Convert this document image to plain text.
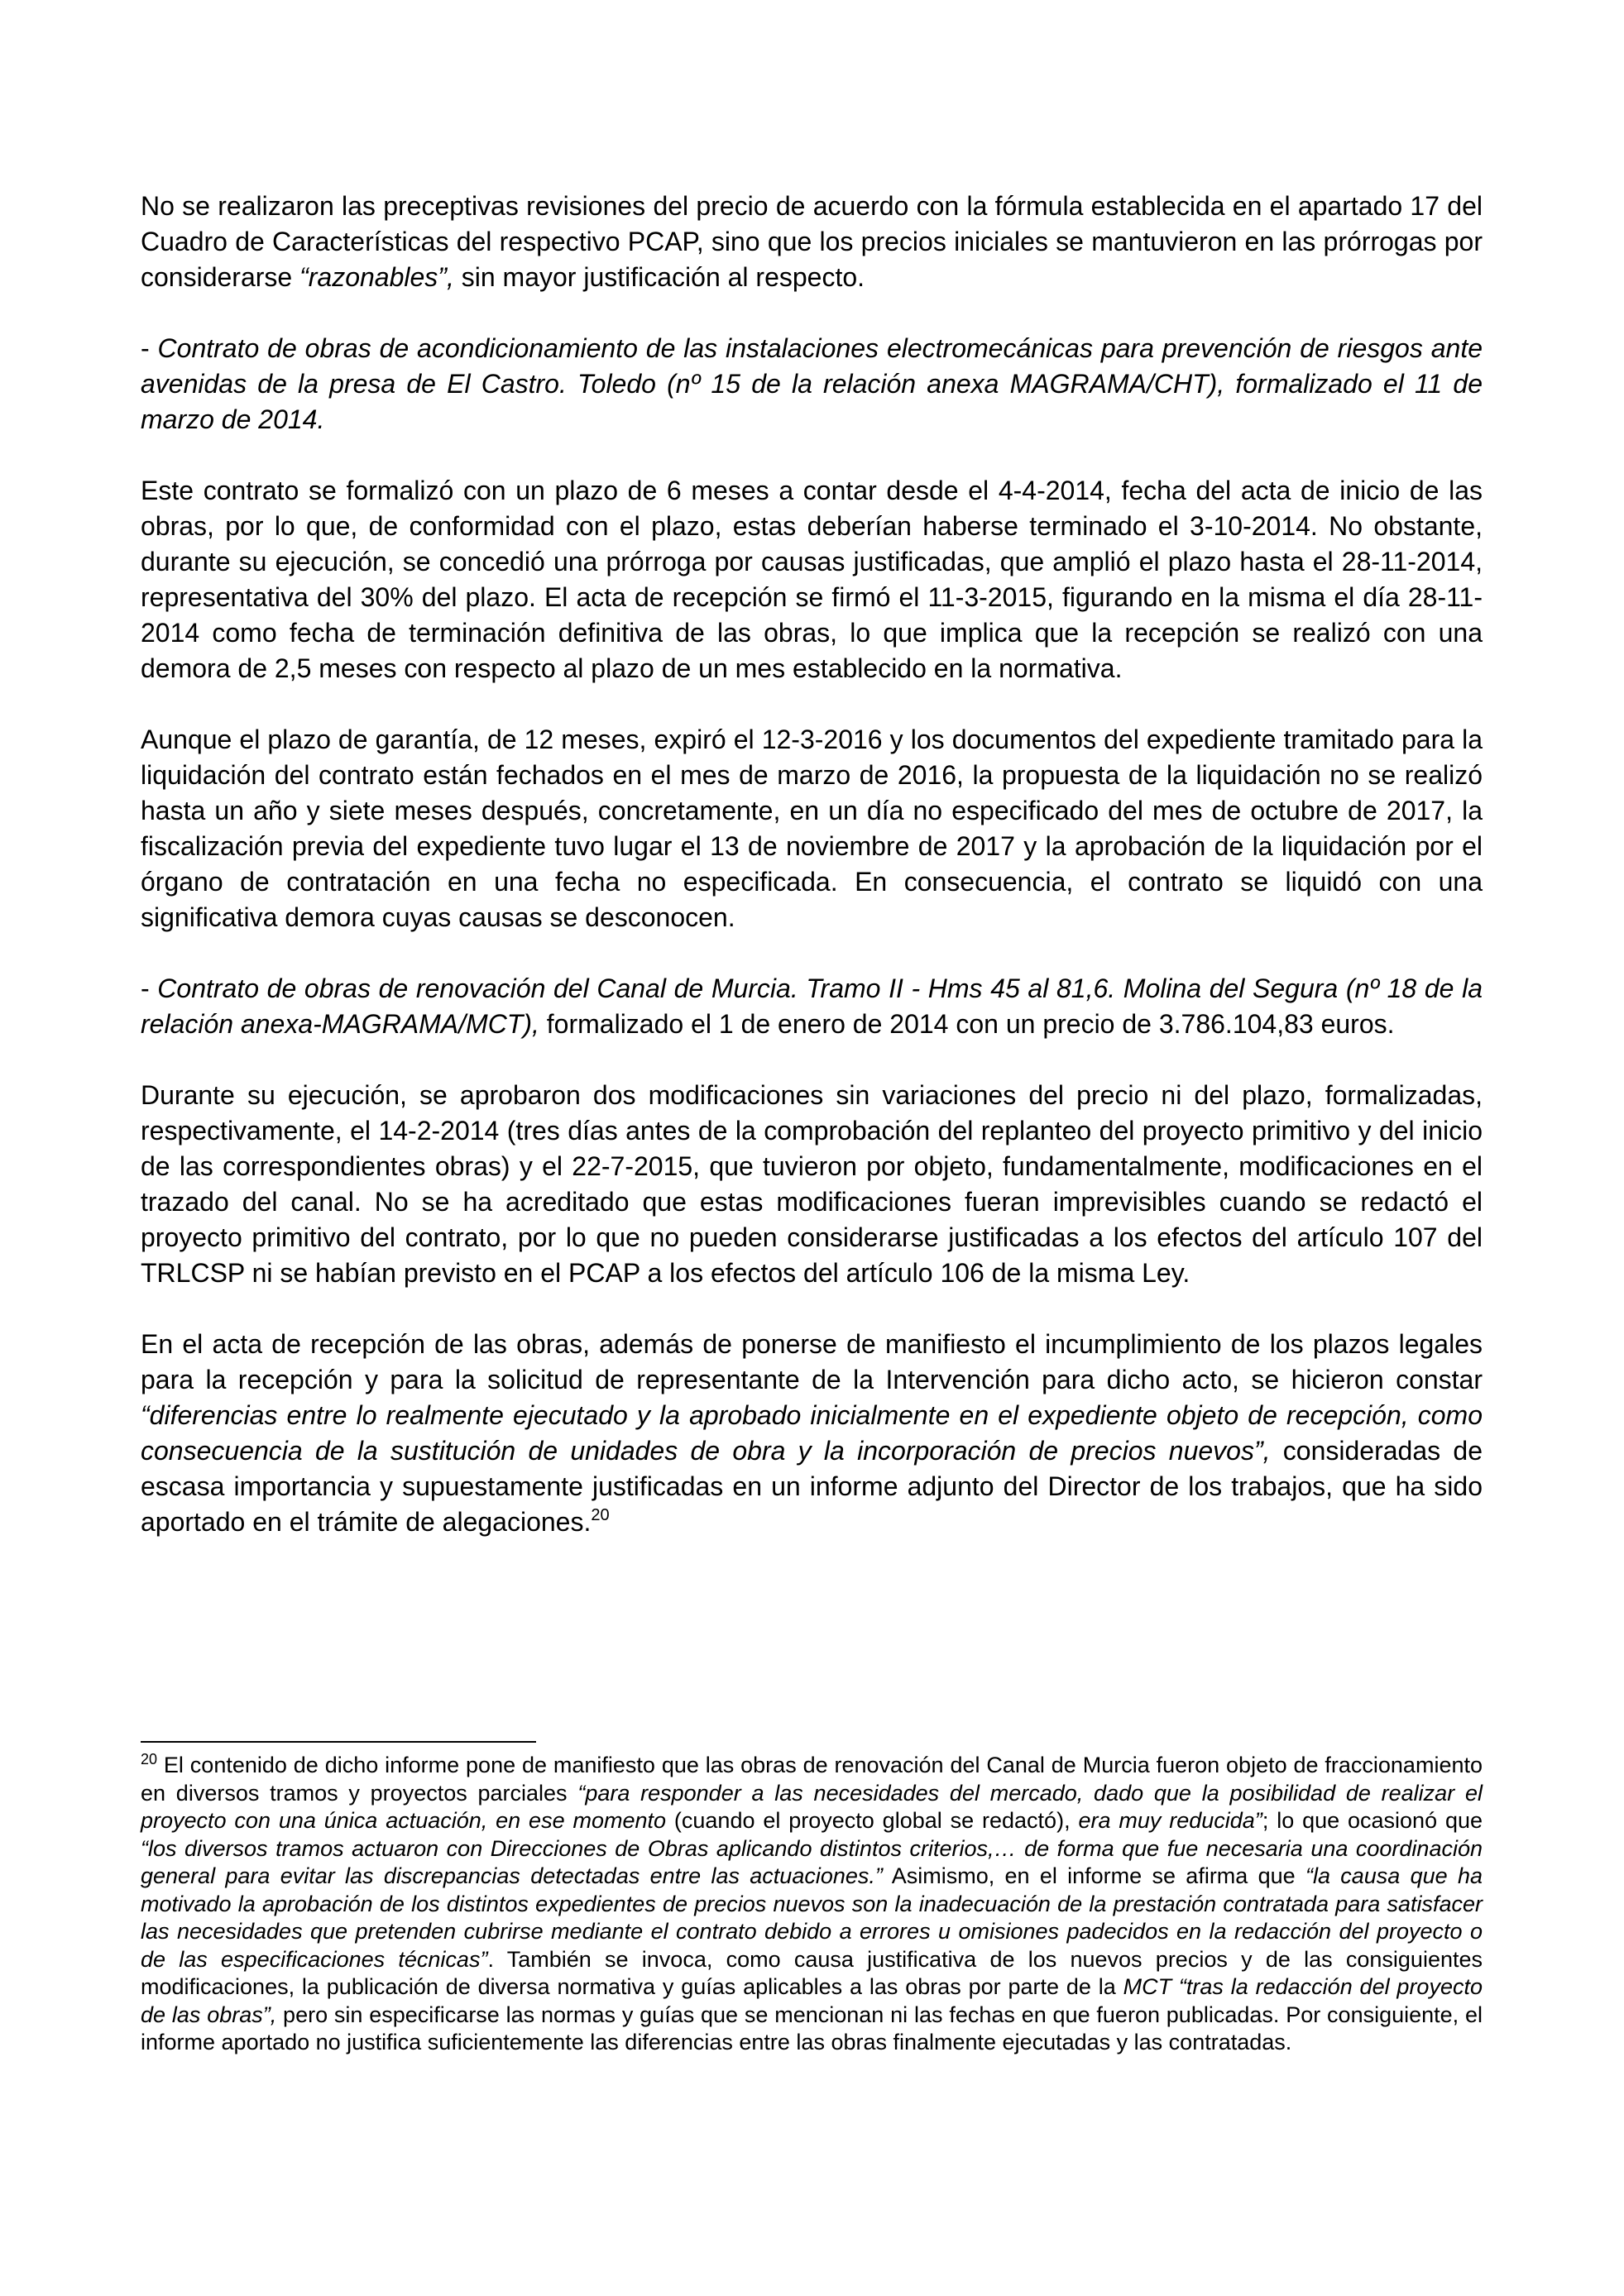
No se realizaron las preceptivas revisiones del precio de acuerdo con la fórmula establecida en el apartado 17 del Cuadro de Características del respectivo PCAP, sino que los precios iniciales se mantuvieron en las prórrogas por considerarse “razonables”, sin mayor justificación al respecto.

- Contrato de obras de acondicionamiento de las instalaciones electromecánicas para prevención de riesgos ante avenidas de la presa de El Castro. Toledo (nº 15 de la relación anexa MAGRAMA/CHT), formalizado el 11 de marzo de 2014.

Este contrato se formalizó con un plazo de 6 meses a contar desde el 4-4-2014, fecha del acta de inicio de las obras, por lo que, de conformidad con el plazo, estas deberían haberse terminado el 3-10-2014. No obstante, durante su ejecución, se concedió una prórroga por causas justificadas, que amplió el plazo hasta el 28-11-2014, representativa del 30% del plazo. El acta de recepción se firmó el 11-3-2015, figurando en la misma el día 28-11-2014 como fecha de terminación definitiva de las obras, lo que implica que la recepción se realizó con una demora de 2,5 meses con respecto al plazo de un mes establecido en la normativa.

Aunque el plazo de garantía, de 12 meses, expiró el 12-3-2016 y los documentos del expediente tramitado para la liquidación del contrato están fechados en el mes de marzo de 2016, la propuesta de la liquidación no se realizó hasta un año y siete meses después, concretamente, en un día no especificado del mes de octubre de 2017, la fiscalización previa del expediente tuvo lugar el 13 de noviembre de 2017 y la aprobación de la liquidación por el órgano de contratación en una fecha no especificada. En consecuencia, el contrato se liquidó con una significativa demora cuyas causas se desconocen.

- Contrato de obras de renovación del Canal de Murcia. Tramo II - Hms 45 al 81,6. Molina del Segura (nº 18 de la relación anexa-MAGRAMA/MCT), formalizado el 1 de enero de 2014 con un precio de 3.786.104,83 euros.

Durante su ejecución, se aprobaron dos modificaciones sin variaciones del precio ni del plazo, formalizadas, respectivamente, el 14-2-2014 (tres días antes de la comprobación del replanteo del proyecto primitivo y del inicio de las correspondientes obras) y el 22-7-2015, que tuvieron por objeto, fundamentalmente, modificaciones en el trazado del canal. No se ha acreditado que estas modificaciones fueran imprevisibles cuando se redactó el proyecto primitivo del contrato, por lo que no pueden considerarse justificadas a los efectos del artículo 107 del TRLCSP ni se habían previsto en el PCAP a los efectos del artículo 106 de la misma Ley.

En el acta de recepción de las obras, además de ponerse de manifiesto el incumplimiento de los plazos legales para la recepción y para la solicitud de representante de la Intervención para dicho acto, se hicieron constar “diferencias entre lo realmente ejecutado y la aprobado inicialmente en el expediente objeto de recepción, como consecuencia de la sustitución de unidades de obra y la incorporación de precios nuevos”, consideradas de escasa importancia y supuestamente justificadas en un informe adjunto del Director de los trabajos, que ha sido aportado en el trámite de alegaciones.$^{20}$

$^{20}$ El contenido de dicho informe pone de manifiesto que las obras de renovación del Canal de Murcia fueron objeto de fraccionamiento en diversos tramos y proyectos parciales “para responder a las necesidades del mercado, dado que la posibilidad de realizar el proyecto con una única actuación, en ese momento (cuando el proyecto global se redactó), era muy reducida”; lo que ocasionó que “los diversos tramos actuaron con Direcciones de Obras aplicando distintos criterios,… de forma que fue necesaria una coordinación general para evitar las discrepancias detectadas entre las actuaciones.” Asimismo, en el informe se afirma que “la causa que ha motivado la aprobación de los distintos expedientes de precios nuevos son la inadecuación de la prestación contratada para satisfacer las necesidades que pretenden cubrirse mediante el contrato debido a errores u omisiones padecidos en la redacción del proyecto o de las especificaciones técnicas”. También se invoca, como causa justificativa de los nuevos precios y de las consiguientes modificaciones, la publicación de diversa normativa y guías aplicables a las obras por parte de la MCT “tras la redacción del proyecto de las obras”, pero sin especificarse las normas y guías que se mencionan ni las fechas en que fueron publicadas. Por consiguiente, el informe aportado no justifica suficientemente las diferencias entre las obras finalmente ejecutadas y las contratadas.
